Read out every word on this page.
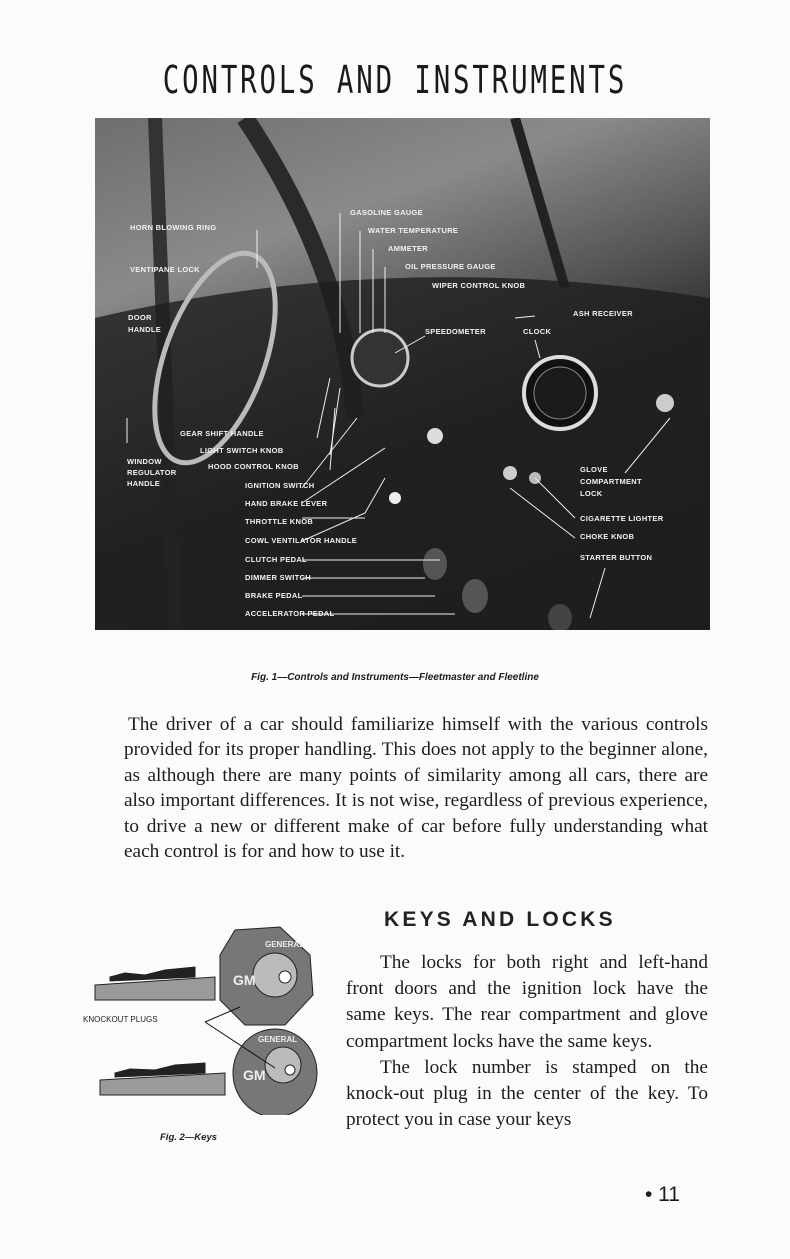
CONTROLS AND INSTRUMENTS
HORN BLOWING RING
VENTIPANE LOCK
DOOR
HANDLE
GASOLINE GAUGE
WATER TEMPERATURE
AMMETER
OIL PRESSURE GAUGE
WIPER CONTROL KNOB
ASH RECEIVER
SPEEDOMETER	CLOCK
GEAR SHIFT HANDLE
LIGHT SWITCH KNOB
HOOD CONTROL KNOB
WINDOW
REGULATOR
HANDLE	IGNITION SWITCH
HAND BRAKE LEVER
THROTTLE KNOB
COWL VENTILATOR HANDLE
CLUTCH PEDAL
DIMMER SWITCH
BRAKE PEDAL
ACCELERATOR PEDAL
GLOVE
COMPARTMENT
LOCK
CIGARETTE LIGHTER
CHOKE KNOB
STARTER BUTTON
Fig. 1—Controls and Instruments—Fleetmaster and Fleetline

The driver of a car should familiarize himself with the various controls provided for its proper handling. This does not apply to the beginner alone, as although there are many points of similarity among all cars, there are also important differences. It is not wise, regardless of previous experience, to drive a new or different make of car before fully understanding what each control is for and how to use it.

GENERAL
GM
GENERAL
GM
KNOCKOUT PLUGS
Fig. 2—Keys
KEYS AND LOCKS

The locks for both right and left-hand front doors and the ignition lock have the same keys. The rear compartment and glove compartment locks have the same keys.

The lock number is stamped on the knock-out plug in the center of the key. To protect you in case your keys

• 11
